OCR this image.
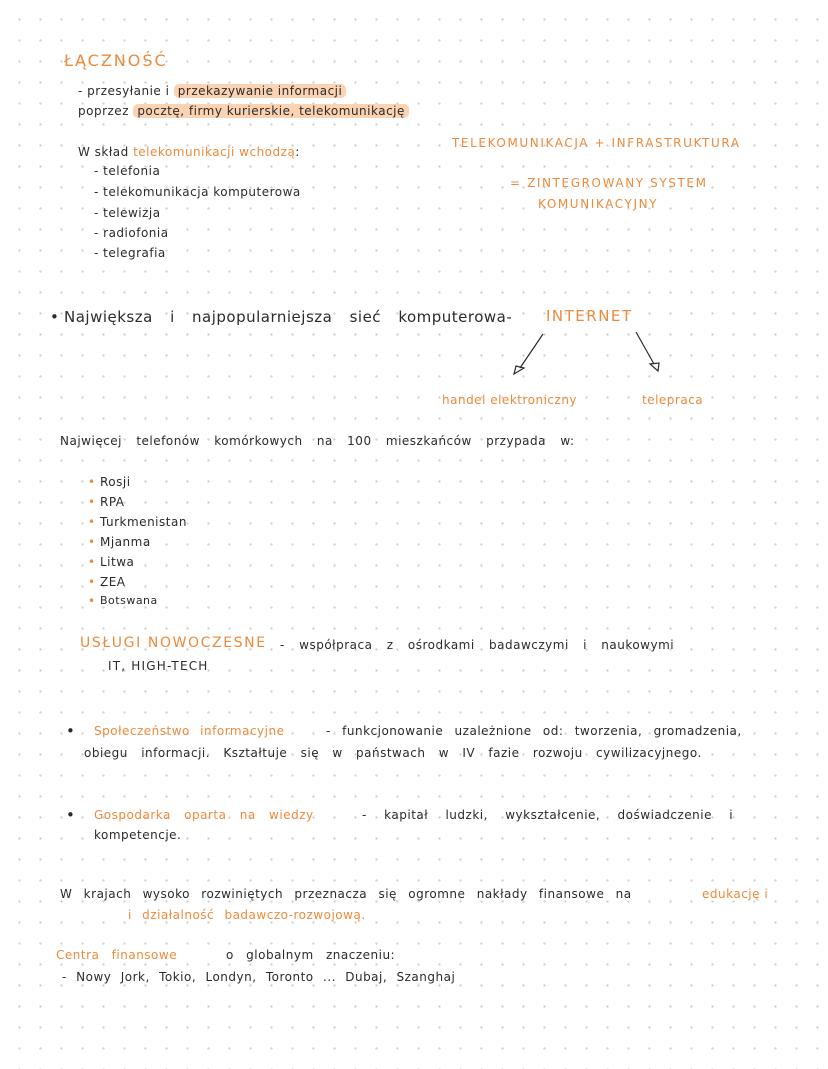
ŁĄCZNOŚĆ
- przesyłanie i przekazywanie informacji
poprzez pocztę, firmy kurierskie, telekomunikację
W skład telekomunikacji wchodzą:
- telefonia
- telekomunikacja komputerowa
- telewizja
- radiofonia
- telegrafia
TELEKOMUNIKACJA + INFRASTRUKTURA
= ZINTEGROWANY SYSTEM
KOMUNIKACYJNY
• Największa i najpopularniejsza sieć komputerowa- INTERNET
handel elektroniczny	telepraca
Najwięcej telefonów komórkowych na 100 mieszkańców przypada w:
• Rosji
• RPA
• Turkmenistan
• Mjanma
• Litwa
• ZEA
• Botswana
USŁUGI NOWOCZESNE - współpraca z ośrodkami badawczymi i naukowymi
IT, HIGH-TECH
• Społeczeństwo informacyjne	- funkcjonowanie uzależnione od: tworzenia, gromadzenia,
obiegu informacji. Kształtuje się w państwach w IV fazie rozwoju cywilizacyjnego.
• Gospodarka oparta na wiedzy	- kapitał ludzki, wykształcenie, doświadczenie i
kompetencje.
W krajach wysoko rozwiniętych przeznacza się ogromne nakłady finansowe na	edukację i
i działalność badawczo-rozwojową.
Centra finansowe	o globalnym znaczeniu:
- Nowy Jork, Tokio, Londyn, Toronto ... Dubaj, Szanghaj
